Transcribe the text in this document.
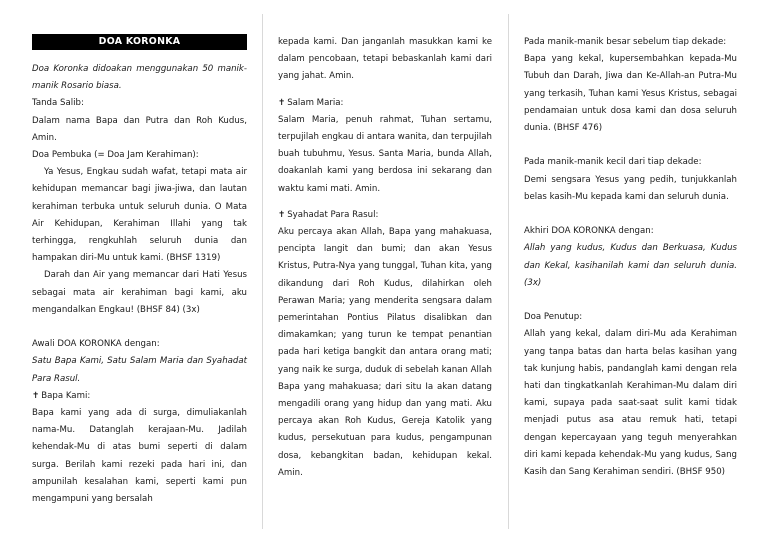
DOA KORONKA

Doa Koronka didoakan menggunakan 50 manik-manik Rosario biasa.

Tanda Salib:

Dalam nama Bapa dan Putra dan Roh Kudus, Amin.

Doa Pembuka (= Doa Jam Kerahiman):

Ya Yesus, Engkau sudah wafat, tetapi mata air kehidupan memancar bagi jiwa-jiwa, dan lautan kerahiman terbuka untuk seluruh dunia. O Mata Air Kehidupan, Kerahiman Illahi yang tak terhingga, rengkuhlah seluruh dunia dan hampakan diri-Mu untuk kami. (BHSF 1319)

Darah dan Air yang memancar dari Hati Yesus sebagai mata air kerahiman bagi kami, aku mengandalkan Engkau! (BHSF 84) (3x)

Awali DOA KORONKA dengan:

Satu Bapa Kami, Satu Salam Maria dan Syahadat Para Rasul.

✝ Bapa Kami:

Bapa kami yang ada di surga, dimuliakanlah nama-Mu. Datanglah kerajaan-Mu. Jadilah kehendak-Mu di atas bumi seperti di dalam surga. Berilah kami rezeki pada hari ini, dan ampunilah kesalahan kami, seperti kami pun mengampuni yang bersalah

kepada kami. Dan janganlah masukkan kami ke dalam pencobaan, tetapi bebaskanlah kami dari yang jahat. Amin.

✝ Salam Maria:

Salam Maria, penuh rahmat, Tuhan sertamu, terpujilah engkau di antara wanita, dan terpujilah buah tubuhmu, Yesus. Santa Maria, bunda Allah, doakanlah kami yang berdosa ini sekarang dan waktu kami mati. Amin.

✝ Syahadat Para Rasul:

Aku percaya akan Allah, Bapa yang mahakuasa, pencipta langit dan bumi; dan akan Yesus Kristus, Putra-Nya yang tunggal, Tuhan kita, yang dikandung dari Roh Kudus, dilahirkan oleh Perawan Maria; yang menderita sengsara dalam pemerintahan Pontius Pilatus disalibkan dan dimakamkan; yang turun ke tempat penantian pada hari ketiga bangkit dan antara orang mati; yang naik ke surga, duduk di sebelah kanan Allah Bapa yang mahakuasa; dari situ Ia akan datang mengadili orang yang hidup dan yang mati. Aku percaya akan Roh Kudus, Gereja Katolik yang kudus, persekutuan para kudus, pengampunan dosa, kebangkitan badan, kehidupan kekal. Amin.

Pada manik-manik besar sebelum tiap dekade:

Bapa yang kekal, kupersembahkan kepada-Mu Tubuh dan Darah, Jiwa dan Ke-Allah-an Putra-Mu yang terkasih, Tuhan kami Yesus Kristus, sebagai pendamaian untuk dosa kami dan dosa seluruh dunia. (BHSF 476)

Pada manik-manik kecil dari tiap dekade:

Demi sengsara Yesus yang pedih, tunjukkanlah belas kasih-Mu kepada kami dan seluruh dunia.

Akhiri DOA KORONKA dengan:

Allah yang kudus, Kudus dan Berkuasa, Kudus dan Kekal, kasihanilah kami dan seluruh dunia. (3x)

Doa Penutup:

Allah yang kekal, dalam diri-Mu ada Kerahiman yang tanpa batas dan harta belas kasihan yang tak kunjung habis, pandanglah kami dengan rela hati dan tingkatkanlah Kerahiman-Mu dalam diri kami, supaya pada saat-saat sulit kami tidak menjadi putus asa atau remuk hati, tetapi dengan kepercayaan yang teguh menyerahkan diri kami kepada kehendak-Mu yang kudus, Sang Kasih dan Sang Kerahiman sendiri. (BHSF 950)
